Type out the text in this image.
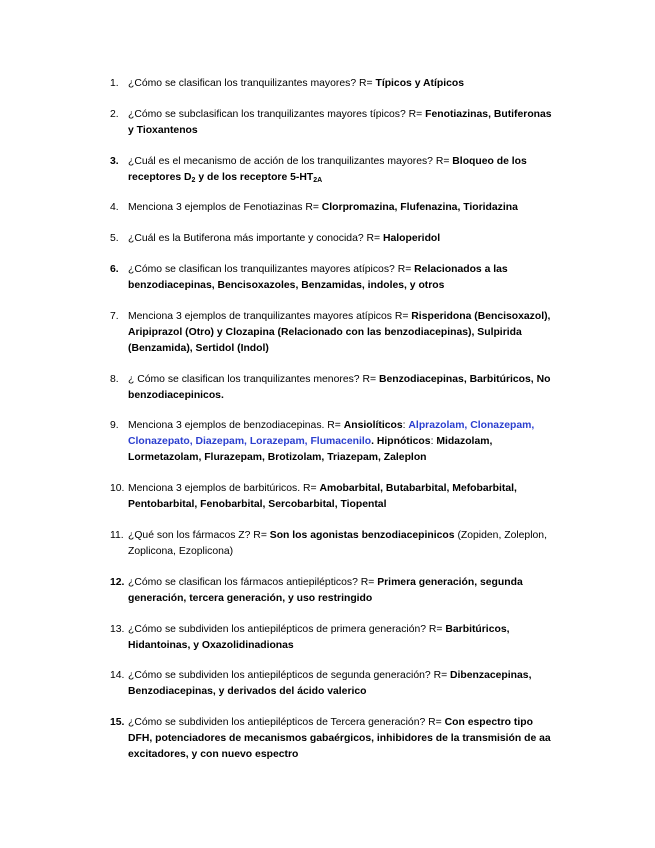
1. ¿Cómo se clasifican los tranquilizantes mayores? R= Típicos y Atípicos
2. ¿Cómo se subclasifican los tranquilizantes mayores típicos? R= Fenotiazinas, Butiferonas y Tioxantenos
3. ¿Cuál es el mecanismo de acción de los tranquilizantes mayores? R= Bloqueo de los receptores $D_2$ y de los receptore $5-HT_{2A}$
4. Menciona 3 ejemplos de Fenotiazinas R= Clorpromazina, Flufenazina, Tioridazina
5. ¿Cuál es la Butiferona más importante y conocida? R= Haloperidol
6. ¿Cómo se clasifican los tranquilizantes mayores atípicos? R= Relacionados a las benzodiacepinas, Bencisoxazoles, Benzamidas, indoles, y otros
7. Menciona 3 ejemplos de tranquilizantes mayores atípicos R= Risperidona (Bencisoxazol), Aripiprazol (Otro) y Clozapina (Relacionado con las benzodiacepinas), Sulpirida (Benzamida), Sertidol (Indol)
8. ¿ Cómo se clasifican los tranquilizantes menores? R= Benzodiacepinas, Barbitúricos, No benzodiacepinicos.
9. Menciona 3 ejemplos de benzodiacepinas. R= Ansiolíticos: Alprazolam, Clonazepam, Clonazepato, Diazepam, Lorazepam, Flumacenilo. Hipnóticos: Midazolam, Lormetazolam, Flurazepam, Brotizolam, Triazepam, Zaleplon
10. Menciona 3 ejemplos de barbitúricos. R= Amobarbital, Butabarbital, Mefobarbital, Pentobarbital, Fenobarbital, Sercobarbital, Tiopental
11. ¿Qué son los fármacos Z? R= Son los agonistas benzodiacepinicos (Zopiden, Zoleplon, Zoplicona, Ezoplicona)
12. ¿Cómo se clasifican los fármacos antiepilépticos? R= Primera generación, segunda generación, tercera generación, y uso restringido
13. ¿Cómo se subdividen los antiepilépticos de primera generación? R= Barbitúricos, Hidantoinas, y Oxazolidinadionas
14. ¿Cómo se subdividen los antiepilépticos de segunda generación? R= Dibenzacepinas, Benzodiacepinas, y derivados del ácido valerico
15. ¿Cómo se subdividen los antiepilépticos de Tercera generación? R= Con espectro tipo DFH, potenciadores de mecanismos gabaérgicos, inhibidores de la transmisión de aa excitadores, y con nuevo espectro
